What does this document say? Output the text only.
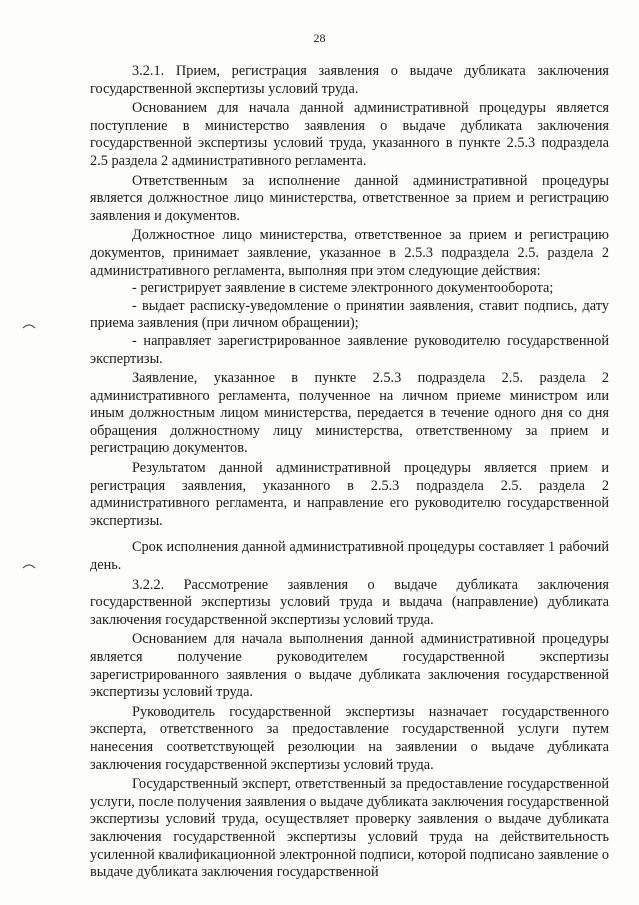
28

3.2.1. Прием, регистрация заявления о выдаче дубликата заключения государственной экспертизы условий труда.

Основанием для начала данной административной процедуры является поступление в министерство заявления о выдаче дубликата заключения государственной экспертизы условий труда, указанного в пункте 2.5.3 подраздела 2.5 раздела 2 административного регламента.

Ответственным за исполнение данной административной процедуры является должностное лицо министерства, ответственное за прием и регистрацию заявления и документов.

Должностное лицо министерства, ответственное за прием и регистрацию документов, принимает заявление, указанное в 2.5.3 подраздела 2.5. раздела 2 административного регламента, выполняя при этом следующие действия:

- регистрирует заявление в системе электронного документооборота;

- выдает расписку-уведомление о принятии заявления, ставит подпись, дату приема заявления (при личном обращении);

- направляет зарегистрированное заявление руководителю государственной экспертизы.

Заявление, указанное в пункте 2.5.3 подраздела 2.5. раздела 2 административного регламента, полученное на личном приеме министром или иным должностным лицом министерства, передается в течение одного дня со дня обращения должностному лицу министерства, ответственному за прием и регистрацию документов.

Результатом данной административной процедуры является прием и регистрация заявления, указанного в 2.5.3 подраздела 2.5. раздела 2 административного регламента, и направление его руководителю государственной экспертизы.

Срок исполнения данной административной процедуры составляет 1 рабочий день.

3.2.2. Рассмотрение заявления о выдаче дубликата заключения государственной экспертизы условий труда и выдача (направление) дубликата заключения государственной экспертизы условий труда.

Основанием для начала выполнения данной административной процедуры является получение руководителем государственной экспертизы зарегистрированного заявления о выдаче дубликата заключения государственной экспертизы условий труда.

Руководитель государственной экспертизы назначает государственного эксперта, ответственного за предоставление государственной услуги путем нанесения соответствующей резолюции на заявлении о выдаче дубликата заключения государственной экспертизы условий труда.

Государственный эксперт, ответственный за предоставление государственной услуги, после получения заявления о выдаче дубликата заключения государственной экспертизы условий труда, осуществляет проверку заявления о выдаче дубликата заключения государственной экспертизы условий труда на действительность усиленной квалификационной электронной подписи, которой подписано заявление о выдаче дубликата заключения государственной
